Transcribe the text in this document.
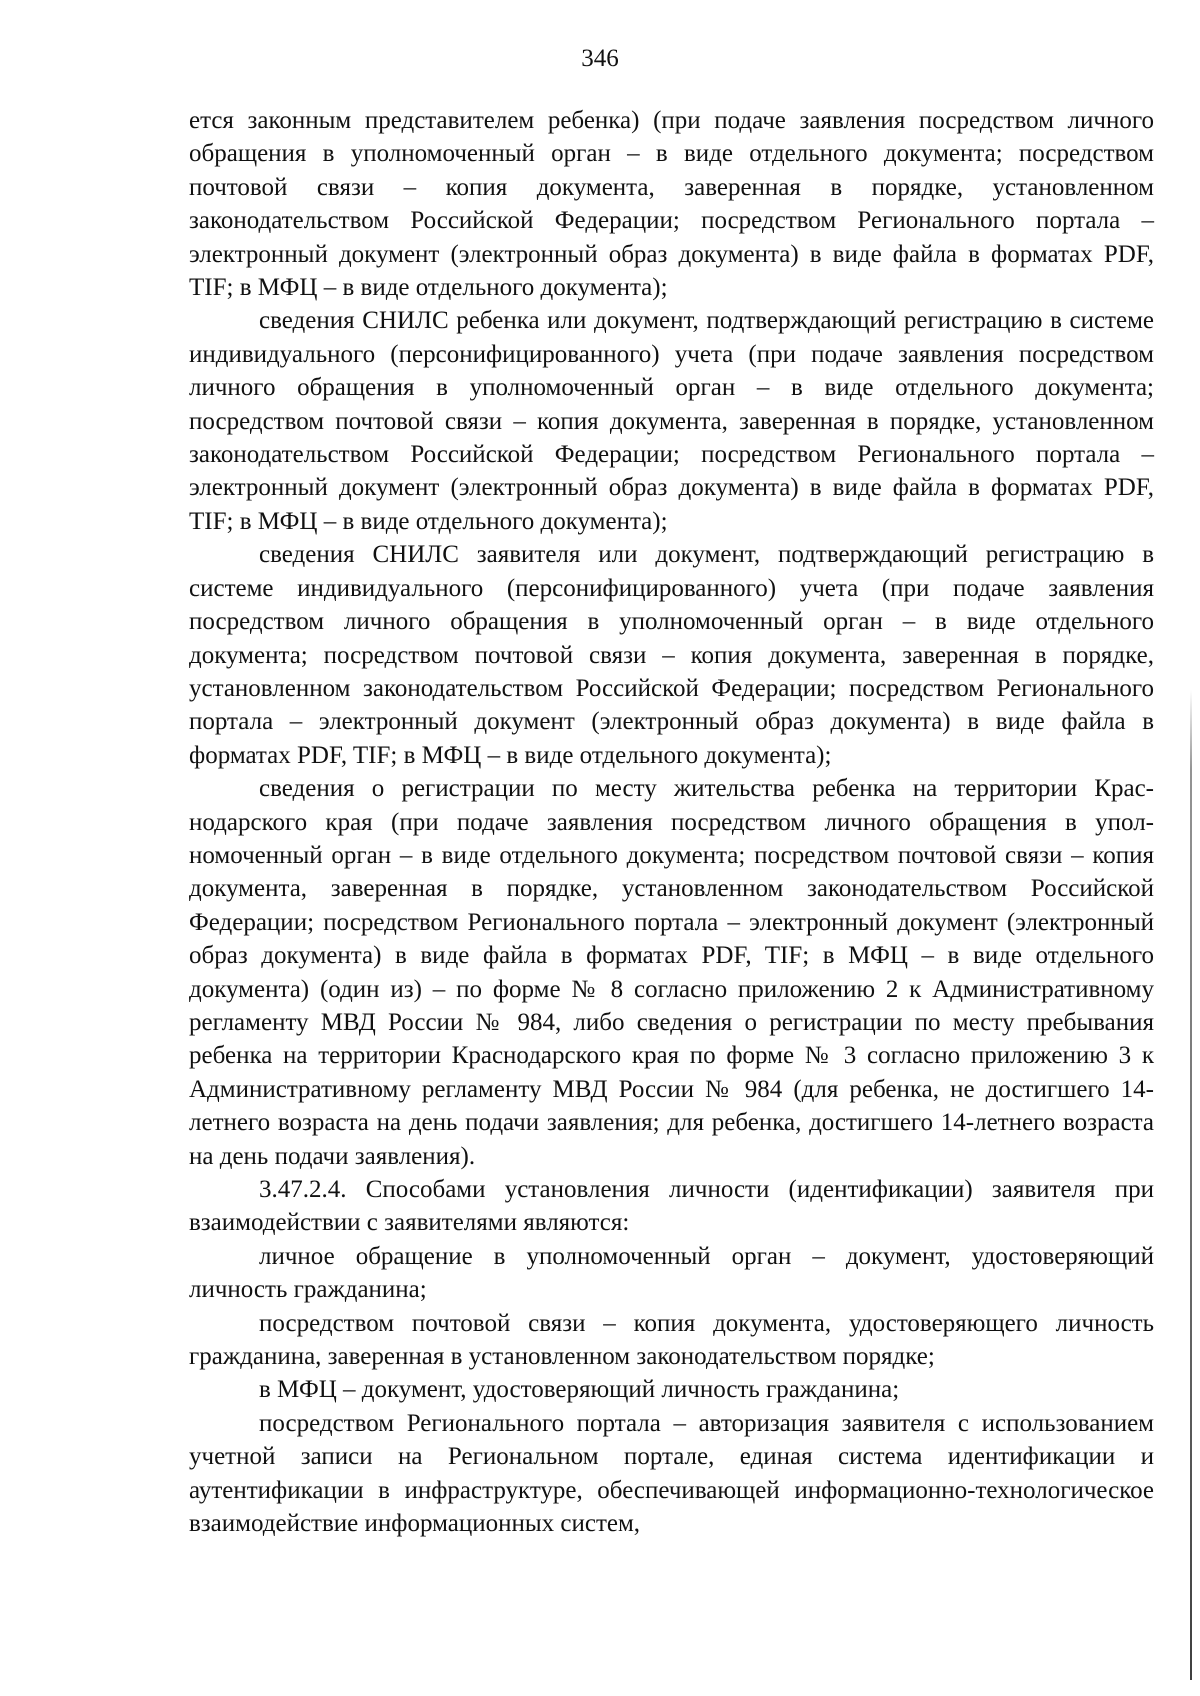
346

ется законным представителем ребенка) (при подаче заявления посредством личного обращения в уполномоченный орган – в виде отдельного документа; посредством почтовой связи – копия документа, заверенная в порядке, установленном законодательством Российской Федерации; посредством Регионального портала – электронный документ (электронный образ документа) в виде файла в форматах PDF, TIF; в МФЦ – в виде отдельного документа);

сведения СНИЛС ребенка или документ, подтверждающий регистрацию в системе индивидуального (персонифицированного) учета (при подаче заявления посредством личного обращения в уполномоченный орган – в виде отдельного документа; посредством почтовой связи – копия документа, заверенная в порядке, установленном законодательством Российской Федерации; посредством Регионального портала – электронный документ (электронный образ документа) в виде файла в форматах PDF, TIF; в МФЦ – в виде отдельного документа);

сведения СНИЛС заявителя или документ, подтверждающий регистрацию в системе индивидуального (персонифицированного) учета (при подаче заявления посредством личного обращения в уполномоченный орган – в виде отдельного документа; посредством почтовой связи – копия документа, заверенная в порядке, установленном законодательством Российской Федерации; посредством Регионального портала – электронный документ (электронный образ документа) в виде файла в форматах PDF, TIF; в МФЦ – в виде отдельного документа);

сведения о регистрации по месту жительства ребенка на территории Краснодарского края (при подаче заявления посредством личного обращения в уполномоченный орган – в виде отдельного документа; посредством почтовой связи – копия документа, заверенная в порядке, установленном законодательством Российской Федерации; посредством Регионального портала – электронный документ (электронный образ документа) в виде файла в форматах PDF, TIF; в МФЦ – в виде отдельного документа) (один из) – по форме № 8 согласно приложению 2 к Административному регламенту МВД России № 984, либо сведения о регистрации по месту пребывания ребенка на территории Краснодарского края по форме № 3 согласно приложению 3 к Административному регламенту МВД России № 984 (для ребенка, не достигшего 14-летнего возраста на день подачи заявления; для ребенка, достигшего 14-летнего возраста на день подачи заявления).

3.47.2.4. Способами установления личности (идентификации) заявителя при взаимодействии с заявителями являются:

личное обращение в уполномоченный орган – документ, удостоверяющий личность гражданина;

посредством почтовой связи – копия документа, удостоверяющего личность гражданина, заверенная в установленном законодательством порядке;

в МФЦ – документ, удостоверяющий личность гражданина;

посредством Регионального портала – авторизация заявителя с использованием учетной записи на Региональном портале, единая система идентификации и аутентификации в инфраструктуре, обеспечивающей информационно-технологическое взаимодействие информационных систем,
